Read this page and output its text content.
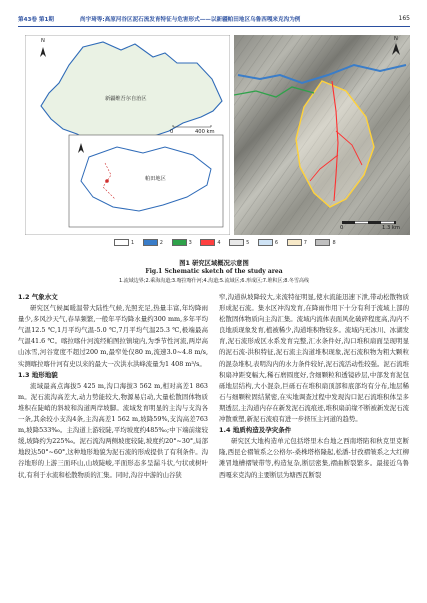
第43卷 第1期	尚宇琦等:高原河谷区泥石流发育特征与危害形式——以新疆帕田地区乌鲁西嘎来克沟为例	165
新疆维吾尔自治区
0	400 km
帕田地区
N	N
0	1.3 km
1	2	3	4	5	6	7	8
图1 研究区域概况示意图
Fig.1 Schematic sketch of the study area
1.流域边界;2.乘海沟道;3.喀拉喀什河;4.沟道;5.流域区;6.形成区;7.堆积区;8.冬雪高线
1.2 气象水文
研究区气候属暖温带大陆性气候,光照充足,热量丰富,年均降雨量少,多风沙天气,春旱频繁,一般年平均降水量约300 mm,多年平均气温12.5 ℃,1月平均气温-5.0 ℃,7月平均气温25.3 ℃,极端最高气温41.6 ℃。喀拉喀什河流经帕图拉镇境内,为季节性河流,两岸高山冰雪,河谷宽度不超过200 m,最窄处仅80 m,流速3.0~4.8 m/s,实测喀拉喀什河有史以来的最大一次洪水洪峰流量为1 408 m³/s。
1.3 地形地貌
流域最高点海拔5 425 m,沟口海拔3 562 m,相对高差1 863 m。泥石流沟高差大,动力势能较大,物源易启动,大量松散固体物质堆积在陡峭的斜坡和沟道两岸坡脚。流域发育明显的主沟与支沟各一条,其余较小支沟4条,主沟高差1 562 m,坡降59%,支沟高差763 m,坡降533‰。主沟道上游较陡,平均坡度约485‰;中下端前缘较缓,坡降约为225‰。泥石流沟两侧坡度较陡,坡度约20°~30°,局部地段达50°~60°,这种地形地貌为泥石流的形成提供了有利条件。沟谷地形的上游三面环山,山坡陡峻,平面形态多呈漏斗状,勺状或树叶状,有利于水流和松散物质的汇集。同时,沟谷中游的山谷狭
窄,沟道纵坡降较大,来流特征明显,使水流能迅速下泄,带动松散物质形成泥石流。集水区冲沟发育,在降雨作用下十分有利于流域上部的松散固体物质向主沟汇集。流域内流体表面风化破碎程度高,沟内不良地质现象发育,植被稀少,沟道堆积物较多。流域内无冰川、冰湖发育,泥石流形成区水系发育完整,汇水条件好,沟口堆积扇面呈现明显的泥石流-洪积特征,泥石流主沟道堆积现象,泥石流积物为粗大颗粒的混杂堆积,表明沟内的水力条件较好,泥石流活动性较强。泥石流堆积扇冲距变幅大,稀石磨圆度好,含细颗粒和透镜砂层,中部发育泥包砾地层结构,大小混杂,巨砾石在堆积扇顶部和底部均有分布,地层稀石与细颗粒固结紧密,在实地调查过程中发现沟口泥石流堆积体呈多期透层,主沟道内存在新发泥石流痕迹,堆积扇前缘不断被新发泥石流冲散重塑,新泥石流痕有进一步挤压主河道的趋势。
1.4 地质构造及孕灾条件
研究区大地构造单元包括塔里木台地之西南塔陷和秋克里克断隆,西昆仑褶皱系之公格尔-桑株塔格隆起,松潘-甘孜褶皱系之大红柳滩冒地槽褶皱带等,构造复杂,断层密集,褶曲断裂繁多。最接近乌鲁西嘎来克沟的主要断层为塘西瓦断裂
